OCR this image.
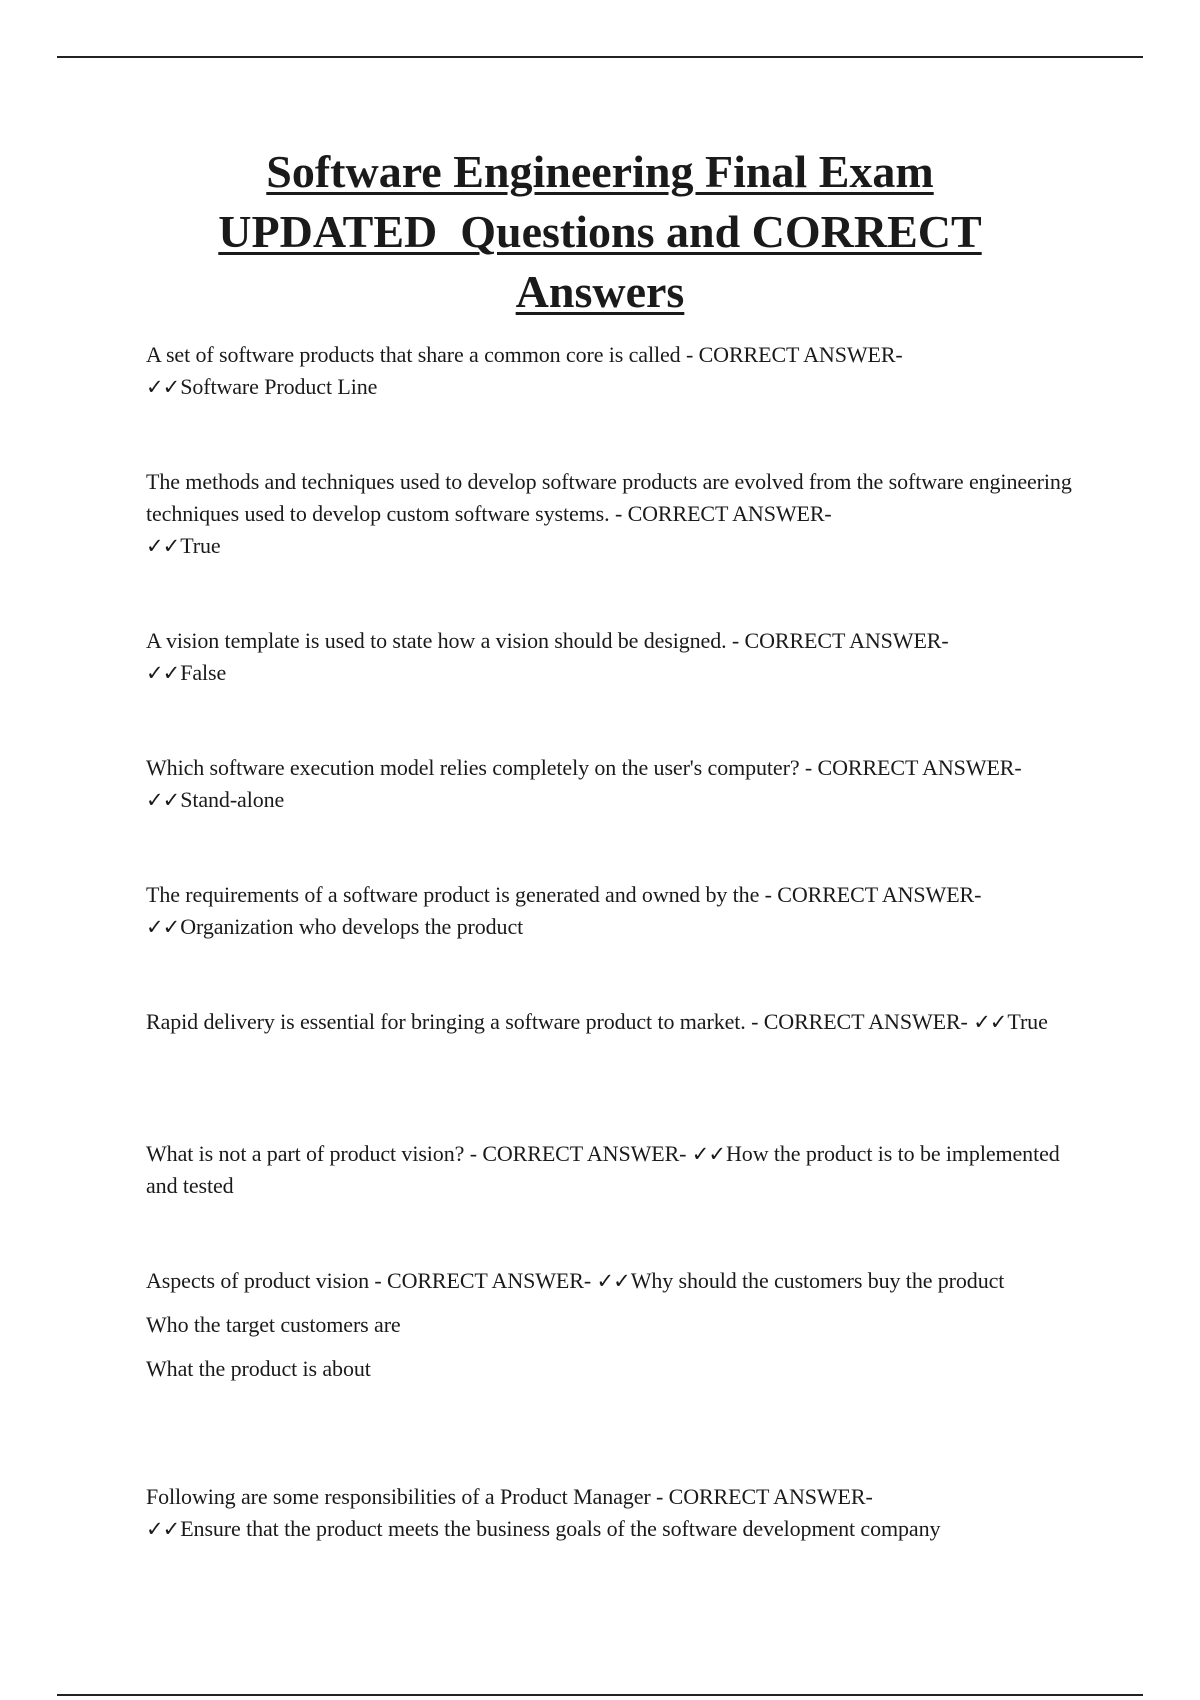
Software Engineering Final Exam
UPDATED  Questions and CORRECT
Answers

A set of software products that share a common core is called - CORRECT ANSWER-
✓✓Software Product Line

The methods and techniques used to develop software products are evolved from the software engineering techniques used to develop custom software systems. - CORRECT ANSWER-
✓✓True

A vision template is used to state how a vision should be designed. - CORRECT ANSWER-
✓✓False

Which software execution model relies completely on the user's computer? - CORRECT ANSWER- ✓✓Stand-alone

The requirements of a software product is generated and owned by the - CORRECT ANSWER- ✓✓Organization who develops the product

Rapid delivery is essential for bringing a software product to market. - CORRECT ANSWER- ✓✓True

What is not a part of product vision? - CORRECT ANSWER- ✓✓How the product is to be implemented and tested

Aspects of product vision - CORRECT ANSWER- ✓✓Why should the customers buy the product
Who the target customers are
What the product is about

Following are some responsibilities of a Product Manager - CORRECT ANSWER-
✓✓Ensure that the product meets the business goals of the software development company
